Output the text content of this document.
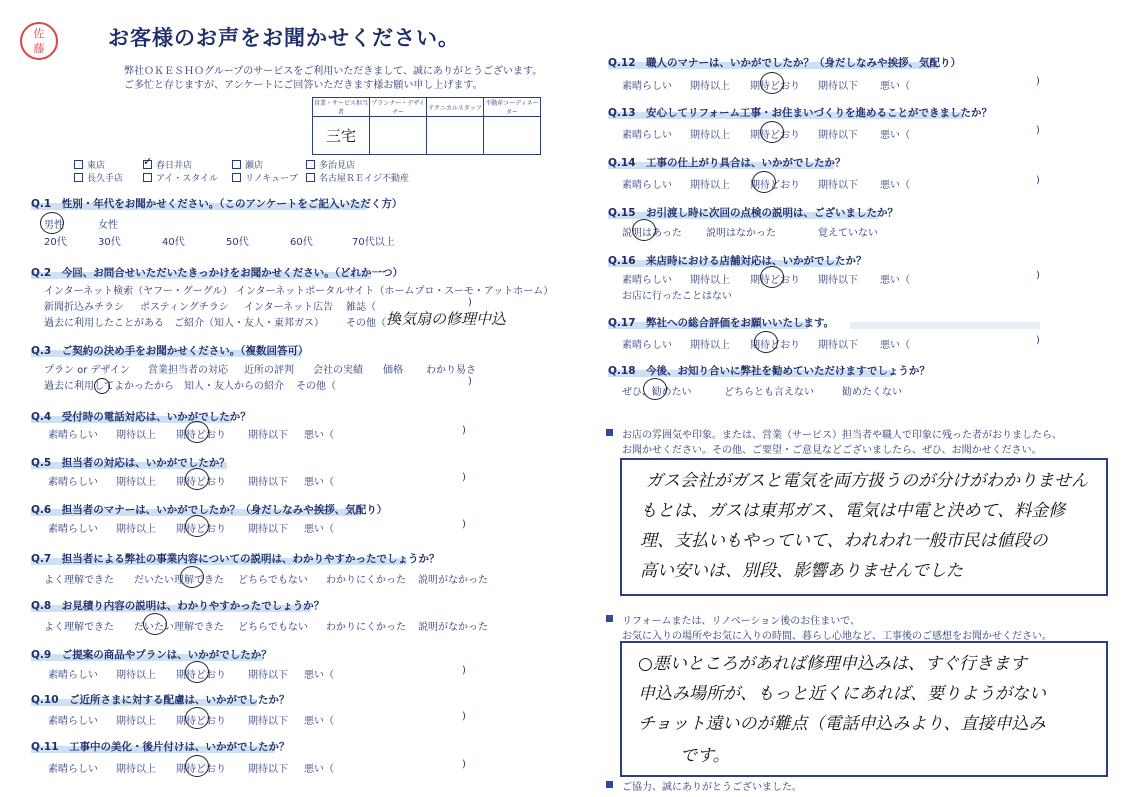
佐藤	お客様のお声をお聞かせください。
弊社ＯＫＥＳＨＯグループのサービスをご利用いただきまして、誠にありがとうございます。
ご多忙と存じますが、アンケートにご回答いただきます様お願い申し上げます。
営業・サービス担当者	プランナー・デザイナー	テクニカルスタッフ	不動産コーディネーター
三宅			
東店	✓ 春日井店	瀬店	多治見店
長久手店	アイ・スタイル	リノキューブ	名古屋ＲＥイジ不動産
Q.1　性別・年代をお聞かせください。（このアンケートをご記入いただく方）
男性	女性
20代	30代	40代	50代	60代	70代以上
Q.2　今回、お問合せいただいたきっかけをお聞かせください。（どれか一つ）
インターネット検索（ヤフー・グーグル） インターネットポータルサイト（ホームプロ・スーモ・アットホーム）
新聞折込みチラシ ポスティングチラシ インターネット広告 雑誌（	)
過去に利用したことがある ご紹介（知人・友人・東邦ガス） その他（ 換気扇の修理中込
Q.3　ご契約の決め手をお聞かせください。（複数回答可）
プラン or デザイン 営業担当者の対応 近所の評判 会社の実績 価格 わかり易さ
過去に利用してよかったから 知人・友人からの紹介 その他（	)
Q.4　受付時の電話対応は、いかがでしたか？
素晴らしい 期待以上 期待どおり 期待以下 悪い（	)
Q.5　担当者の対応は、いかがでしたか？
素晴らしい 期待以上 期待どおり 期待以下 悪い（	)
Q.6　担当者のマナーは、いかがでしたか？（身だしなみや挨拶、気配り）
素晴らしい 期待以上 期待どおり 期待以下 悪い（	)
Q.7　担当者による弊社の事業内容についての説明は、わかりやすかったでしょうか？
よく理解できた だいたい理解できた どちらでもない わかりにくかった 説明がなかった
Q.8　お見積り内容の説明は、わかりやすかったでしょうか？
よく理解できた だいたい理解できた どちらでもない わかりにくかった 説明がなかった
Q.9　ご提案の商品やプランは、いかがでしたか？
素晴らしい 期待以上 期待どおり 期待以下 悪い（	)
Q.10　ご近所さまに対する配慮は、いかがでしたか？
素晴らしい 期待以上 期待どおり 期待以下 悪い（	)
Q.11　工事中の美化・後片付けは、いかがでしたか？
素晴らしい 期待以上 期待どおり 期待以下 悪い（	)
Q.12　職人のマナーは、いかがでしたか？（身だしなみや挨拶、気配り）
素晴らしい 期待以上 期待どおり 期待以下 悪い（	)
Q.13　安心してリフォーム工事・お住まいづくりを進めることができましたか？
素晴らしい 期待以上 期待どおり 期待以下 悪い（	)
Q.14　工事の仕上がり具合は、いかがでしたか？
素晴らしい 期待以上 期待どおり 期待以下 悪い（	)
Q.15　お引渡し時に次回の点検の説明は、ございましたか？
説明はあった 説明はなかった	覚えていない
Q.16　来店時における店舗対応は、いかがでしたか？
素晴らしい 期待以上 期待どおり 期待以下 悪い（	)
お店に行ったことはない
Q.17　弊社への総合評価をお願いいたします。
素晴らしい 期待以上 期待どおり 期待以下 悪い（	)
Q.18　今後、お知り合いに弊社を勧めていただけますでしょうか？
ぜひ、勧めたい	どちらとも言えない	勧めたくない
お店の雰囲気や印象。または、営業（サービス）担当者や職人で印象に残った者がおりましたら、
お聞かせください。その他、ご要望・ご意見などございましたら、ぜひ、お聞かせください。
ガス会社がガスと電気を両方扱うのが分けがわかりません
もとは、ガスは東邦ガス、電気は中電と決めて、料金修
理、支払いもやっていて、われわれ一般市民は値段の
高い安いは、別段、影響ありませんでした
リフォームまたは、リノベーション後のお住まいで、
お気に入りの場所やお気に入りの時間、暮らし心地など、工事後のご感想をお聞かせください。
○悪いところがあれば修理申込みは、すぐ行きます
申込み場所が、もっと近くにあれば、要りようがない
チョット遠いのが難点（電話申込みより、直接申込み
です。
ご協力、誠にありがとうございました。
